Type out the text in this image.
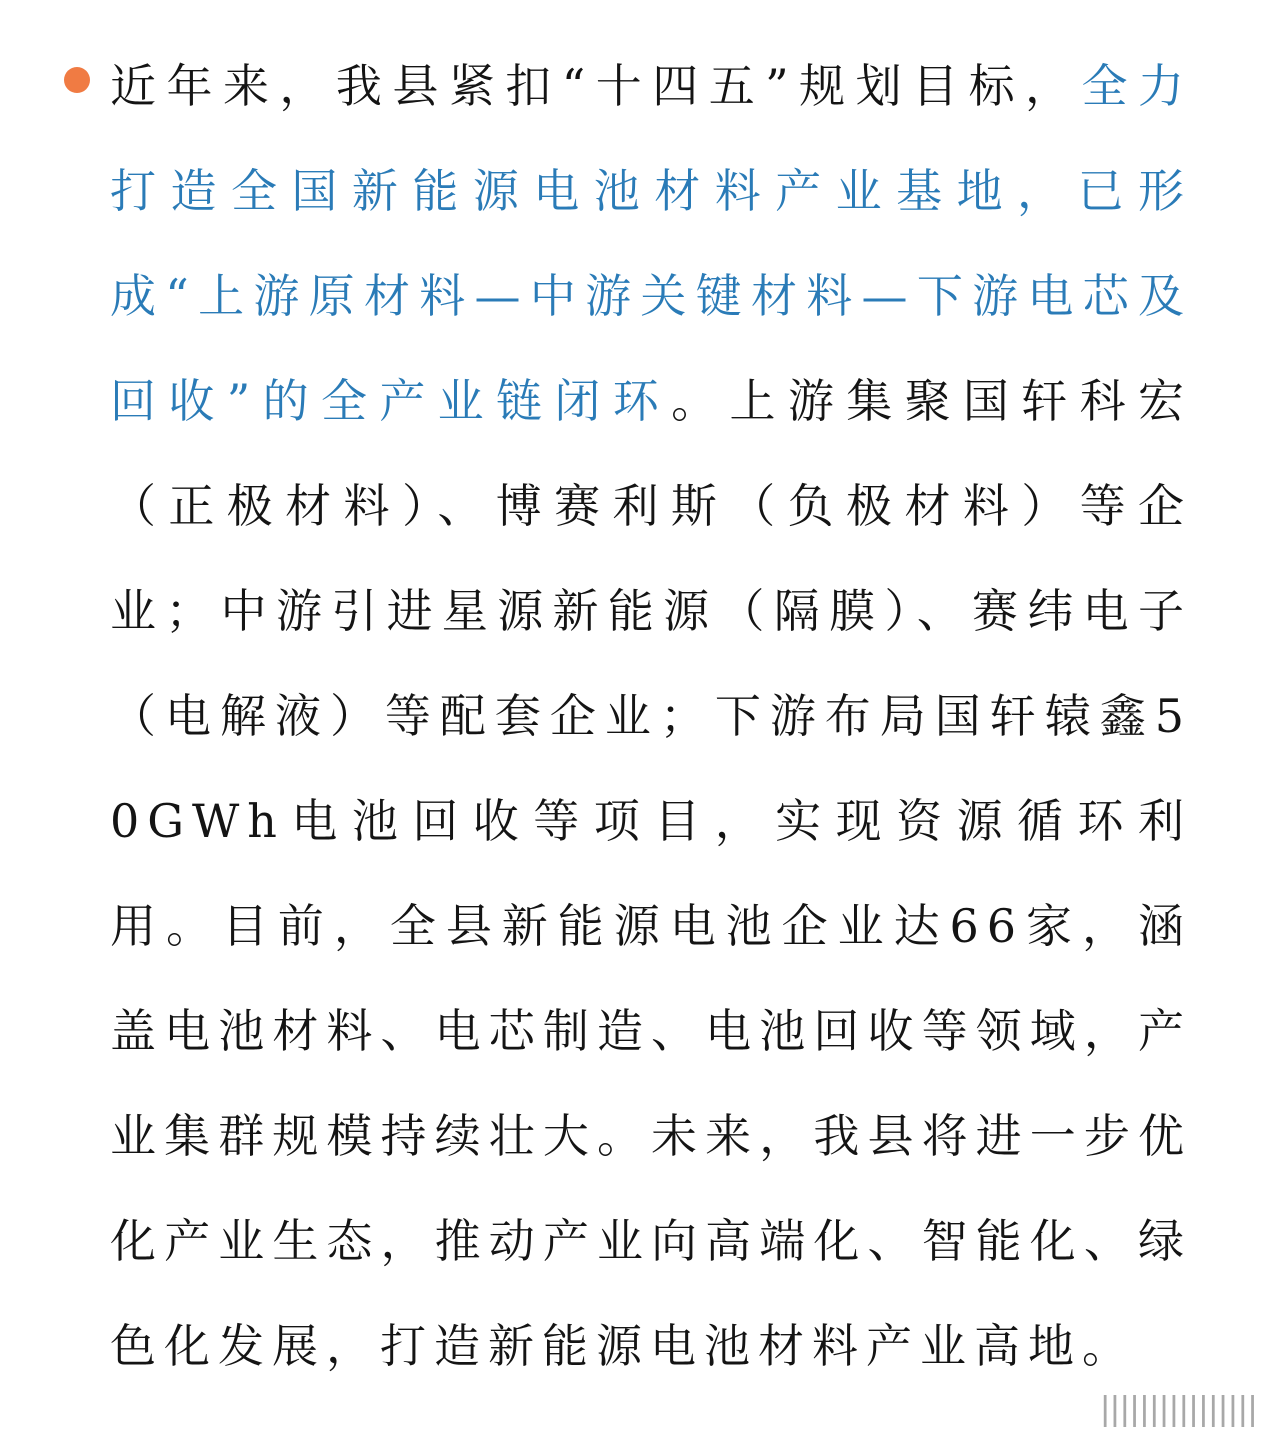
近年来，我县紧扣“十四五”规划目标，全力打造全国新能源电池材料产业基地，已形成“上游原材料—中游关键材料—下游电芯及回收”的全产业链闭环。上游集聚国轩科宏（正极材料）、博赛利斯（负极材料）等企业；中游引进星源新能源（隔膜）、赛纬电子（电解液）等配套企业；下游布局国轩辕鑫50GWh电池回收等项目，实现资源循环利用。目前，全县新能源电池企业达66家，涵盖电池材料、电芯制造、电池回收等领域，产业集群规模持续壮大。未来，我县将进一步优化产业生态，推动产业向高端化、智能化、绿色化发展，打造新能源电池材料产业高地。

||||||||||||||||
